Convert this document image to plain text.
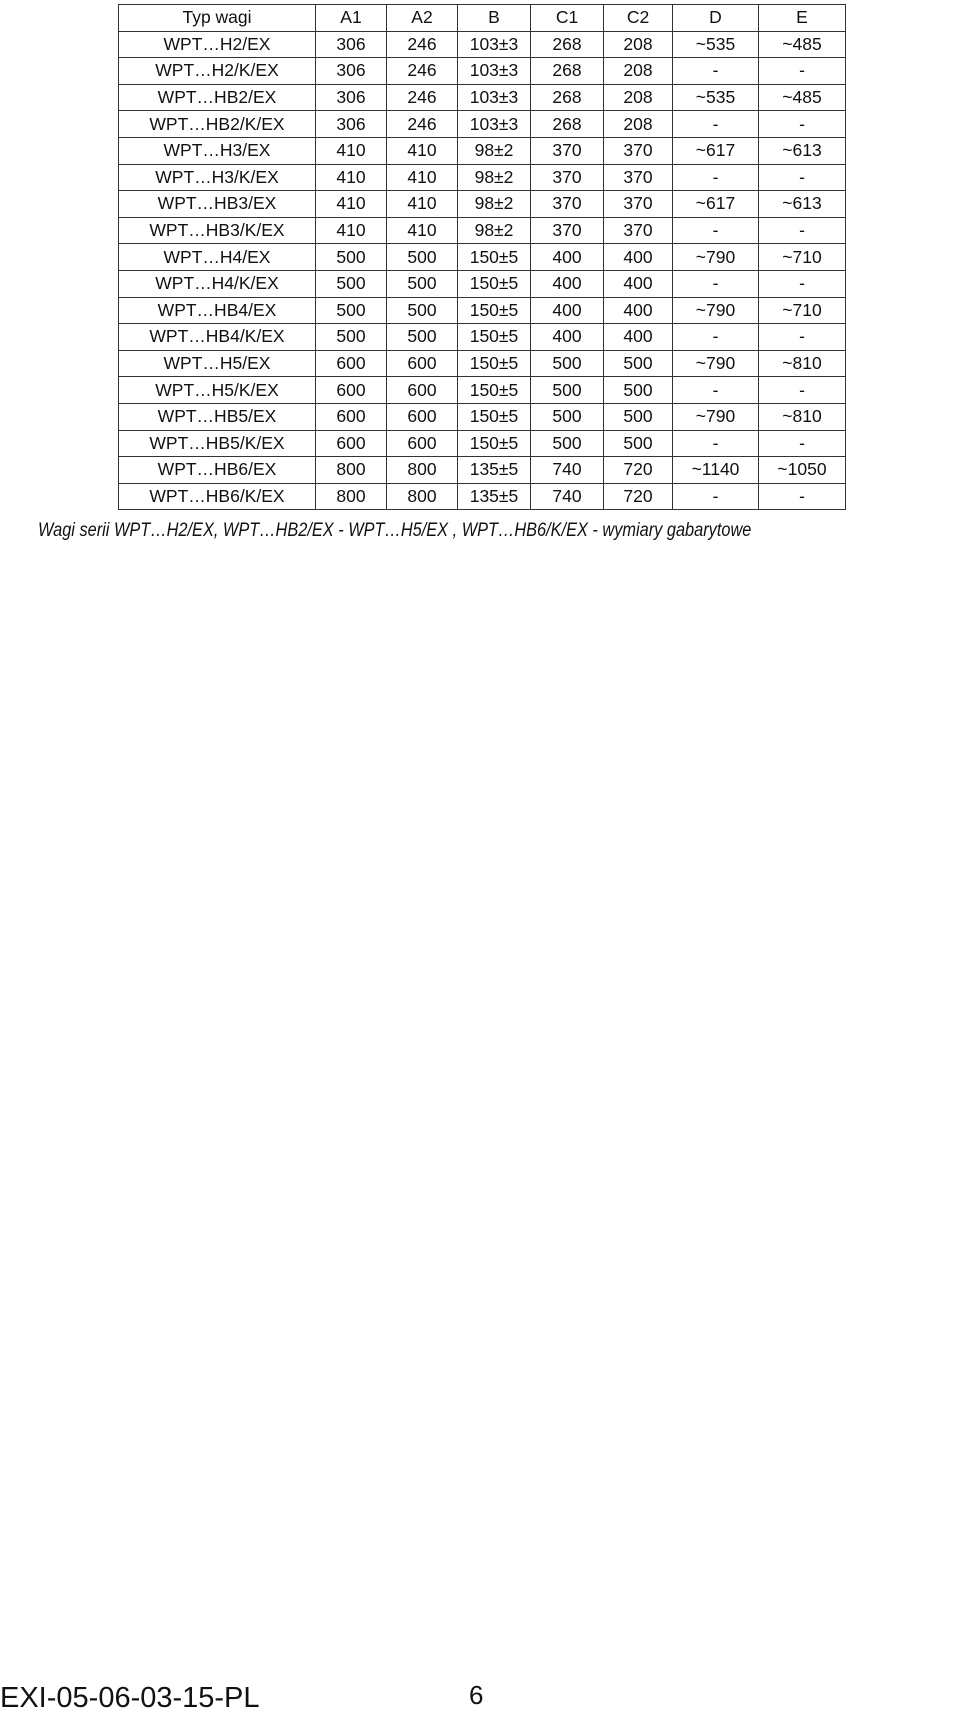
Typ wagi	A1	A2	B	C1	C2	D	E
WPT…H2/EX	306	246	103±3	268	208	~535	~485
WPT…H2/K/EX	306	246	103±3	268	208	-	-
WPT…HB2/EX	306	246	103±3	268	208	~535	~485
WPT…HB2/K/EX	306	246	103±3	268	208	-	-
WPT…H3/EX	410	410	98±2	370	370	~617	~613
WPT…H3/K/EX	410	410	98±2	370	370	-	-
WPT…HB3/EX	410	410	98±2	370	370	~617	~613
WPT…HB3/K/EX	410	410	98±2	370	370	-	-
WPT…H4/EX	500	500	150±5	400	400	~790	~710
WPT…H4/K/EX	500	500	150±5	400	400	-	-
WPT…HB4/EX	500	500	150±5	400	400	~790	~710
WPT…HB4/K/EX	500	500	150±5	400	400	-	-
WPT…H5/EX	600	600	150±5	500	500	~790	~810
WPT…H5/K/EX	600	600	150±5	500	500	-	-
WPT…HB5/EX	600	600	150±5	500	500	~790	~810
WPT…HB5/K/EX	600	600	150±5	500	500	-	-
WPT…HB6/EX	800	800	135±5	740	720	~1140	~1050
WPT…HB6/K/EX	800	800	135±5	740	720	-	-
Wagi serii WPT…H2/EX, WPT…HB2/EX - WPT…H5/EX , WPT…HB6/K/EX - wymiary gabarytowe
EXI-05-06-03-15-PL	6
